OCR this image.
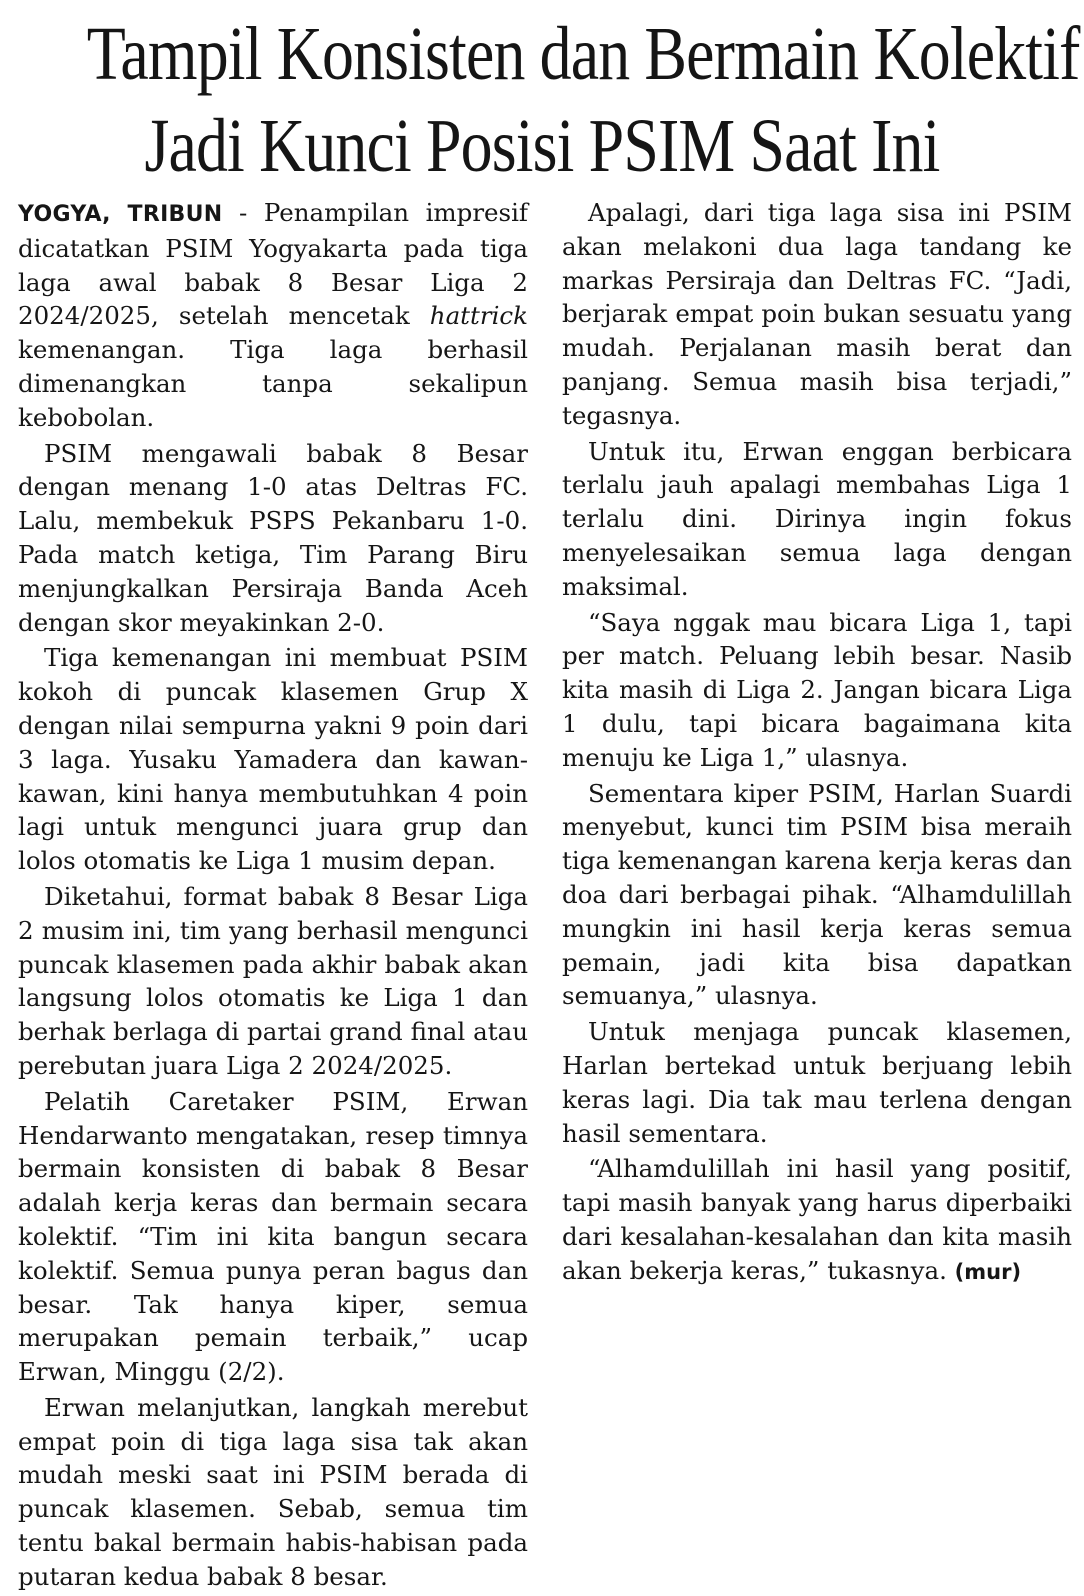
Tampil Konsisten dan Bermain Kolektif
Jadi Kunci Posisi PSIM Saat Ini

YOGYA, TRIBUN - Penampilan impresif dicatatkan PSIM Yogyakarta pada tiga laga awal babak 8 Besar Liga 2 2024/2025, setelah mencetak hattrick kemenangan. Tiga laga berhasil dimenangkan tanpa sekalipun kebobolan.

PSIM mengawali babak 8 Besar dengan menang 1-0 atas Deltras FC. Lalu, membekuk PSPS Pekanbaru 1-0. Pada match ketiga, Tim Parang Biru menjungkalkan Persiraja Banda Aceh dengan skor meyakinkan 2-0.

Tiga kemenangan ini membuat PSIM kokoh di puncak klasemen Grup X dengan nilai sempurna yakni 9 poin dari 3 laga. Yusaku Yamadera dan kawan-kawan, kini hanya membutuhkan 4 poin lagi untuk mengunci juara grup dan lolos otomatis ke Liga 1 musim depan.

Diketahui, format babak 8 Besar Liga 2 musim ini, tim yang berhasil mengunci puncak klasemen pada akhir babak akan langsung lolos otomatis ke Liga 1 dan berhak berlaga di partai grand final atau perebutan juara Liga 2 2024/2025.

Pelatih Caretaker PSIM, Erwan Hendarwanto mengatakan, resep timnya bermain konsisten di babak 8 Besar adalah kerja keras dan bermain secara kolektif. “Tim ini kita bangun secara kolektif. Semua punya peran bagus dan besar. Tak hanya kiper, semua merupakan pemain terbaik,” ucap Erwan, Minggu (2/2).

Erwan melanjutkan, langkah merebut empat poin di tiga laga sisa tak akan mudah meski saat ini PSIM berada di puncak klasemen. Sebab, semua tim tentu bakal bermain habis-habisan pada putaran kedua babak 8 besar.

Apalagi, dari tiga laga sisa ini PSIM akan melakoni dua laga tandang ke markas Persiraja dan Deltras FC. “Jadi, berjarak empat poin bukan sesuatu yang mudah. Perjalanan masih berat dan panjang. Semua masih bisa terjadi,” tegasnya.

Untuk itu, Erwan enggan berbicara terlalu jauh apalagi membahas Liga 1 terlalu dini. Dirinya ingin fokus menyelesaikan semua laga dengan maksimal.

“Saya nggak mau bicara Liga 1, tapi per match. Peluang lebih besar. Nasib kita masih di Liga 2. Jangan bicara Liga 1 dulu, tapi bicara bagaimana kita menuju ke Liga 1,” ulasnya.

Sementara kiper PSIM, Harlan Suardi menyebut, kunci tim PSIM bisa meraih tiga kemenangan karena kerja keras dan doa dari berbagai pihak. “Alhamdulillah mungkin ini hasil kerja keras semua pemain, jadi kita bisa dapatkan semuanya,” ulasnya.

Untuk menjaga puncak klasemen, Harlan bertekad untuk berjuang lebih keras lagi. Dia tak mau terlena dengan hasil sementara.

“Alhamdulillah ini hasil yang positif, tapi masih banyak yang harus diperbaiki dari kesalahan-kesalahan dan kita masih akan bekerja keras,” tukasnya. (mur)
